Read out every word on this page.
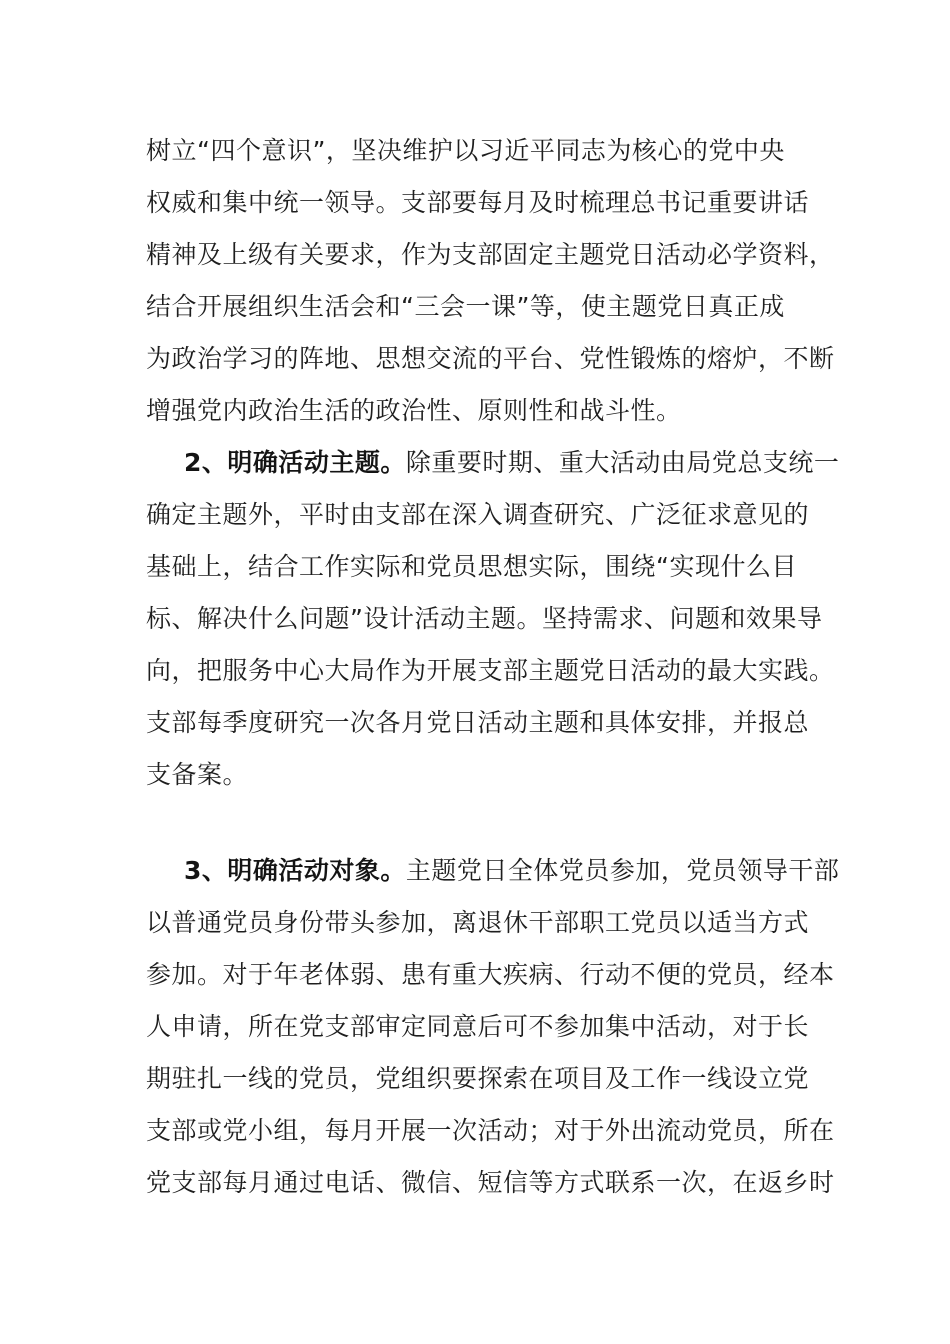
树立“四个意识”，坚决维护以习近平同志为核心的党中央
权威和集中统一领导。支部要每月及时梳理总书记重要讲话
精神及上级有关要求，作为支部固定主题党日活动必学资料，
结合开展组织生活会和“三会一课”等，使主题党日真正成
为政治学习的阵地、思想交流的平台、党性锻炼的熔炉，不断
增强党内政治生活的政治性、原则性和战斗性。
2、明确活动主题。除重要时期、重大活动由局党总支统一
确定主题外，平时由支部在深入调查研究、广泛征求意见的
基础上，结合工作实际和党员思想实际，围绕“实现什么目
标、解决什么问题”设计活动主题。坚持需求、问题和效果导
向，把服务中心大局作为开展支部主题党日活动的最大实践。
支部每季度研究一次各月党日活动主题和具体安排，并报总
支备案。
3、明确活动对象。主题党日全体党员参加，党员领导干部
以普通党员身份带头参加，离退休干部职工党员以适当方式
参加。对于年老体弱、患有重大疾病、行动不便的党员，经本
人申请，所在党支部审定同意后可不参加集中活动，对于长
期驻扎一线的党员，党组织要探索在项目及工作一线设立党
支部或党小组，每月开展一次活动；对于外出流动党员，所在
党支部每月通过电话、微信、短信等方式联系一次，在返乡时
